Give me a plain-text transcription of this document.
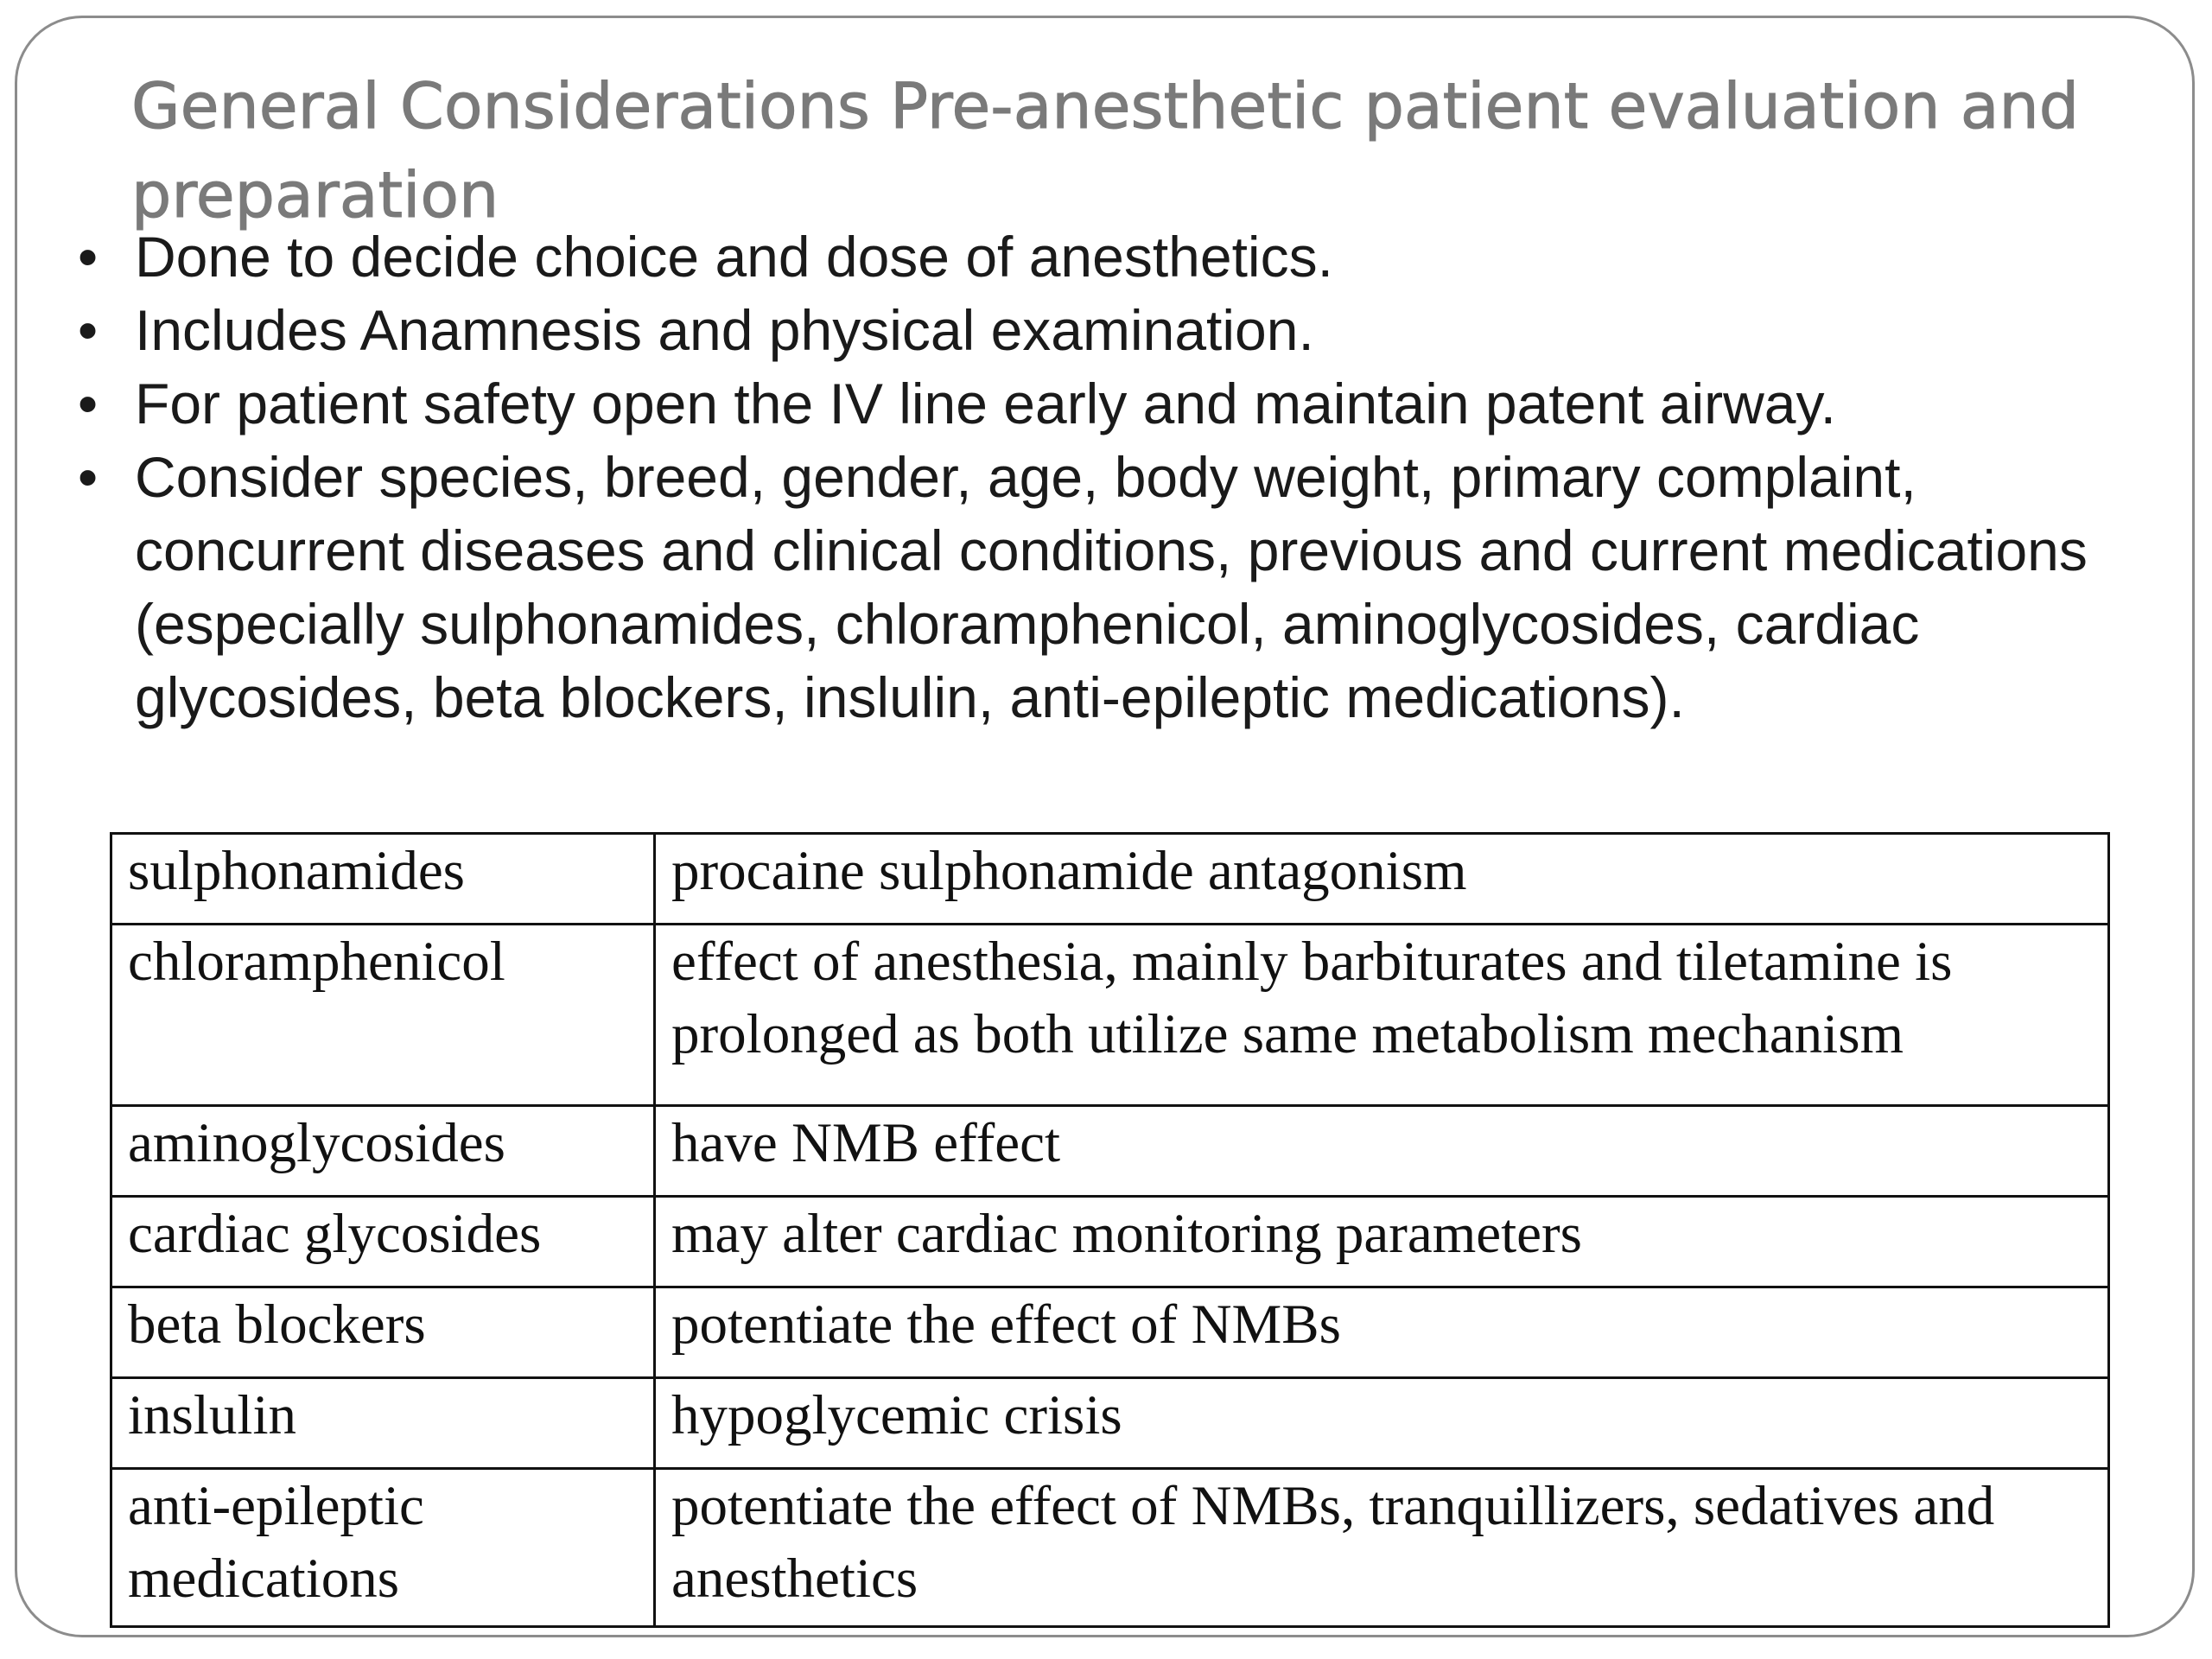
General Considerations Pre-anesthetic patient evaluation and preparation
• Done to decide choice and dose of anesthetics.
• Includes Anamnesis and physical examination.
• For patient safety open the IV line early and maintain patent airway.
• Consider species, breed, gender, age, body weight, primary complaint, concurrent diseases and clinical conditions, previous and current medications (especially sulphonamides, chloramphenicol, aminoglycosides, cardiac glycosides, beta blockers, inslulin, anti-epileptic medications).
sulphonamides	procaine sulphonamide antagonism
chloramphenicol	effect of anesthesia, mainly barbiturates and tiletamine is prolonged as both utilize same metabolism mechanism
aminoglycosides	have NMB effect
cardiac glycosides	may alter cardiac monitoring parameters
beta blockers	potentiate the effect of NMBs
inslulin	hypoglycemic crisis
anti-epileptic medications	potentiate the effect of NMBs, tranquillizers, sedatives and anesthetics
